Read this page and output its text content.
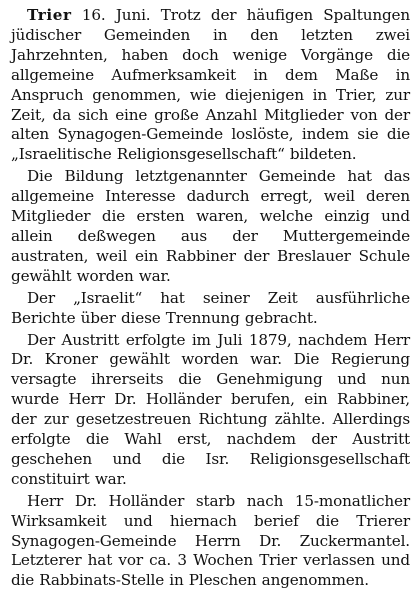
Trier 16. Juni. Trotz der häufigen Spaltungen jüdischer Gemeinden in den letzten zwei Jahrzehnten, haben doch wenige Vorgänge die allgemeine Aufmerksamkeit in dem Maße in Anspruch genommen, wie diejenigen in Trier, zur Zeit, da sich eine große Anzahl Mitglieder von der alten Synagogen-Gemeinde loslöste, indem sie die „Israelitische Religionsgesellschaft“ bildeten.

Die Bildung letztgenannter Gemeinde hat das allgemeine Interesse dadurch erregt, weil deren Mitglieder die ersten waren, welche einzig und allein deßwegen aus der Muttergemeinde austraten, weil ein Rabbiner der Breslauer Schule gewählt worden war.

Der „Israelit“ hat seiner Zeit ausführliche Berichte über diese Trennung gebracht.

Der Austritt erfolgte im Juli 1879, nachdem Herr Dr. Kroner gewählt worden war. Die Regierung versagte ihrerseits die Genehmigung und nun wurde Herr Dr. Holländer berufen, ein Rabbiner, der zur gesetzestreuen Richtung zählte. Allerdings erfolgte die Wahl erst, nachdem der Austritt geschehen und die Isr. Religionsgesellschaft constituirt war.

Herr Dr. Holländer starb nach 15-monatlicher Wirksamkeit und hiernach berief die Trierer Synagogen-Gemeinde Herrn Dr. Zuckermantel. Letzterer hat vor ca. 3 Wochen Trier verlassen und die Rabbinats-Stelle in Pleschen angenommen.
